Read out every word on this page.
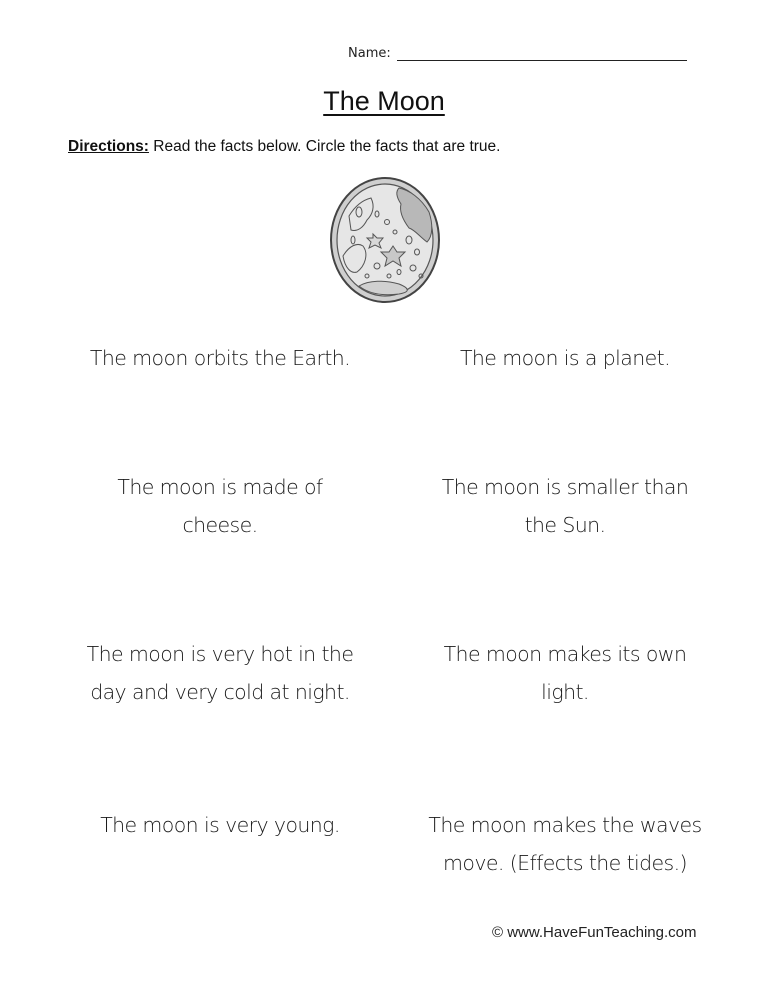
Name:
The Moon
Directions: Read the facts below. Circle the facts that are true.
The moon orbits the Earth.	The moon is a planet.
The moon is made of
cheese.
The moon is smaller than
the Sun.
The moon is very hot in the
day and very cold at night.
The moon makes its own
light.
The moon is very young.	The moon makes the waves
move. (Effects the tides.)
© www.HaveFunTeaching.com
